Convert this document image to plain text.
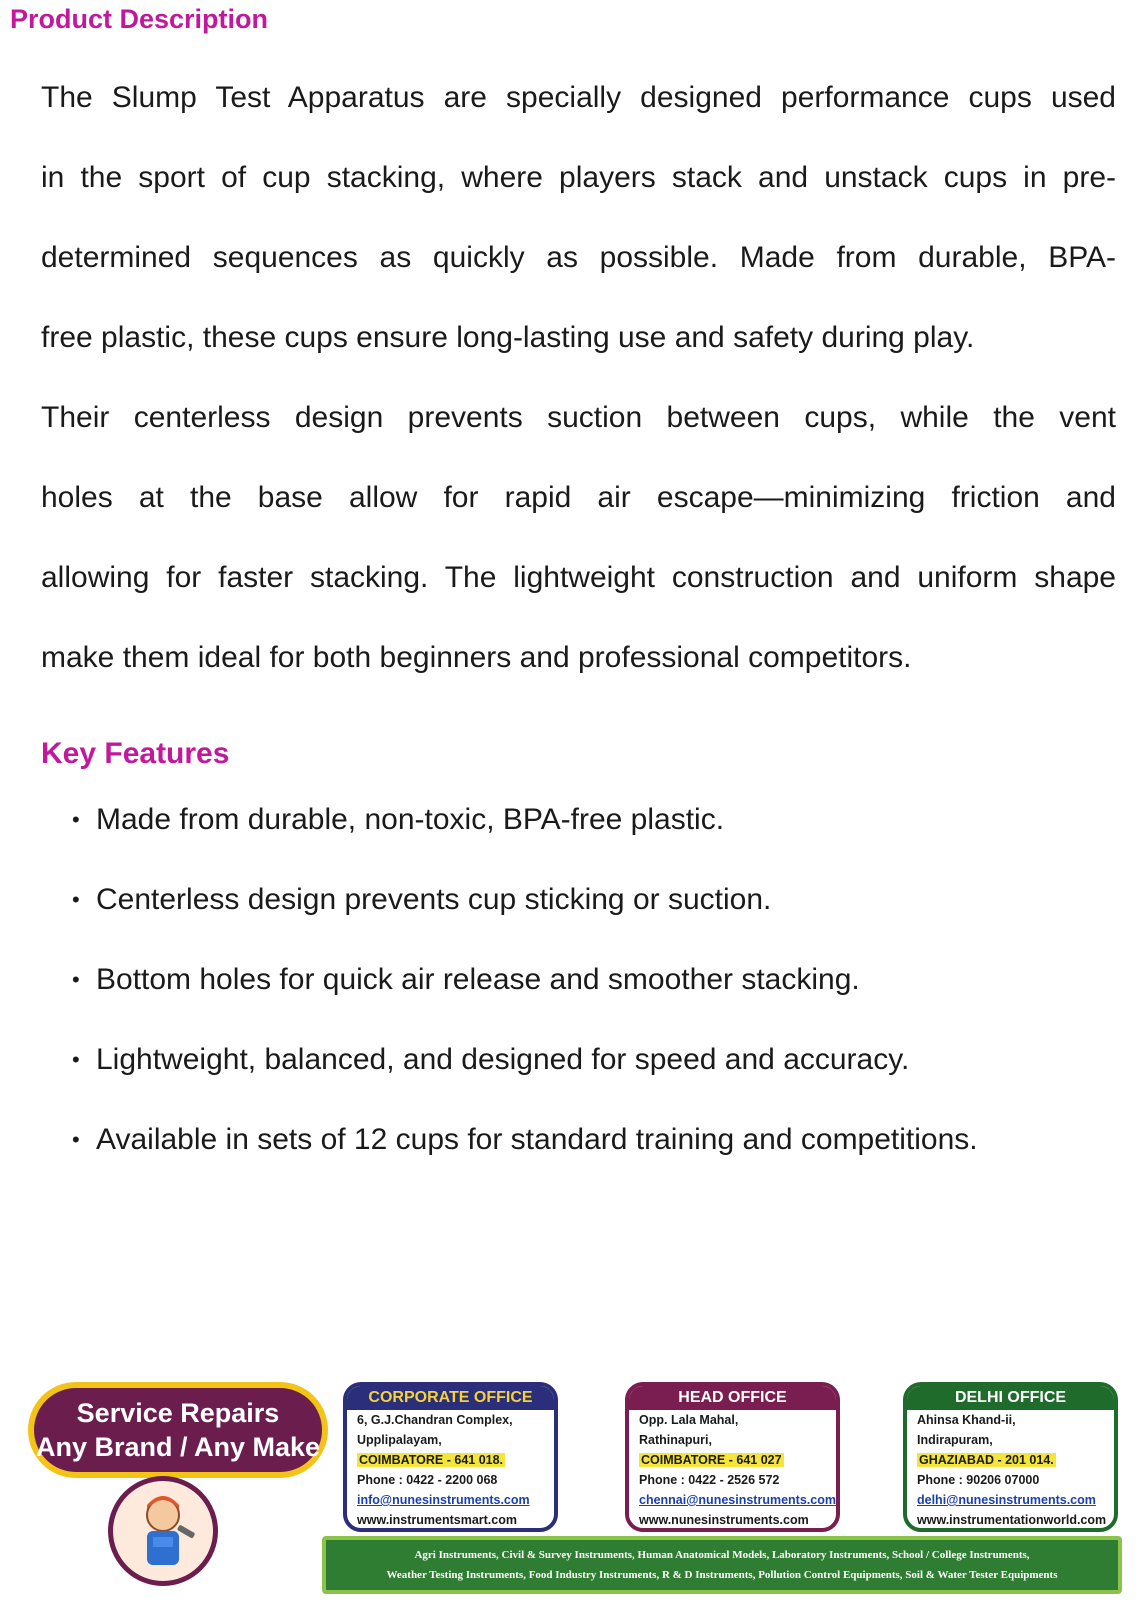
Product Description

The Slump Test Apparatus are specially designed performance cups used

in the sport of cup stacking, where players stack and unstack cups in pre-

determined sequences as quickly as possible. Made from durable, BPA-

free plastic, these cups ensure long-lasting use and safety during play.

Their centerless design prevents suction between cups, while the vent

holes at the base allow for rapid air escape—minimizing friction and

allowing for faster stacking. The lightweight construction and uniform shape

make them ideal for both beginners and professional competitors.

Key Features
• Made from durable, non-toxic, BPA-free plastic.
• Centerless design prevents cup sticking or suction.
• Bottom holes for quick air release and smoother stacking.
• Lightweight, balanced, and designed for speed and accuracy.
• Available in sets of 12 cups for standard training and competitions.
Service Repairs
Any Brand / Any Make
CORPORATE OFFICE
6, G.J.Chandran Complex,
Upplipalayam,
COIMBATORE - 641 018.
Phone : 0422 - 2200 068
info@nunesinstruments.com
www.instrumentsmart.com
HEAD OFFICE
Opp. Lala Mahal,
Rathinapuri,
COIMBATORE - 641 027
Phone : 0422 - 2526 572
chennai@nunesinstruments.com
www.nunesinstruments.com
DELHI OFFICE
Ahinsa Khand-ii,
Indirapuram,
GHAZIABAD - 201 014.
Phone : 90206 07000
delhi@nunesinstruments.com
www.instrumentationworld.com
Agri Instruments, Civil & Survey Instruments, Human Anatomical Models, Laboratory Instruments, School / College Instruments,
Weather Testing Instruments, Food Industry Instruments, R & D Instruments, Pollution Control Equipments, Soil & Water Tester Equipments
